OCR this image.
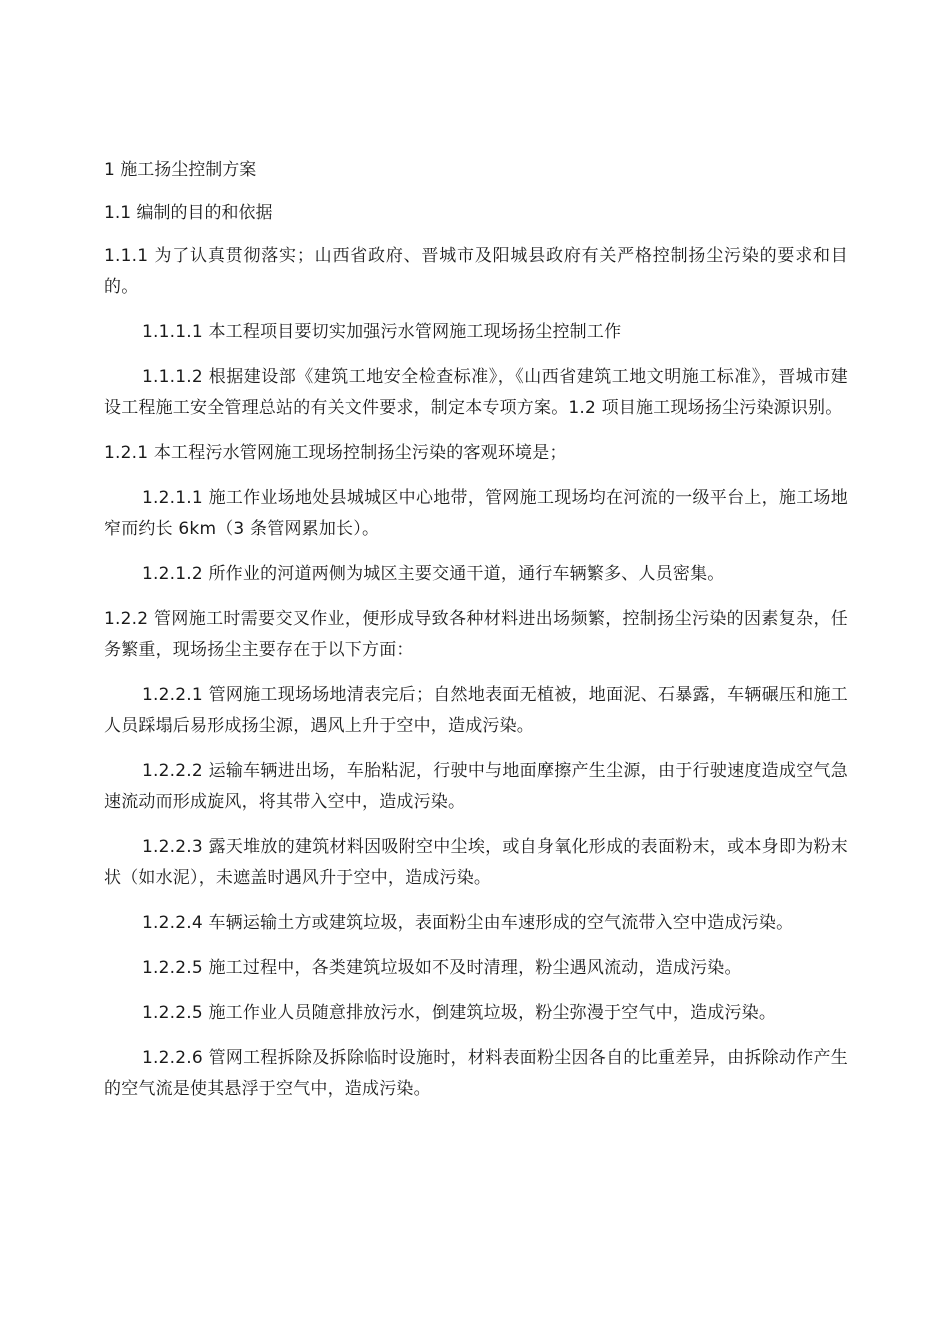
1 施工扬尘控制方案

1.1 编制的目的和依据

1.1.1 为了认真贯彻落实；山西省政府、晋城市及阳城县政府有关严格控制扬尘污染的要求和目的。

1.1.1.1 本工程项目要切实加强污水管网施工现场扬尘控制工作

1.1.1.2 根据建设部《建筑工地安全检查标准》，《山西省建筑工地文明施工标准》，晋城市建设工程施工安全管理总站的有关文件要求，制定本专项方案。1.2 项目施工现场扬尘污染源识别。

1.2.1 本工程污水管网施工现场控制扬尘污染的客观环境是；

1.2.1.1 施工作业场地处县城城区中心地带，管网施工现场均在河流的一级平台上，施工场地窄而约长 6km（3 条管网累加长）。

1.2.1.2 所作业的河道两侧为城区主要交通干道，通行车辆繁多、人员密集。

1.2.2 管网施工时需要交叉作业，便形成导致各种材料进出场频繁，控制扬尘污染的因素复杂，任务繁重，现场扬尘主要存在于以下方面：

1.2.2.1 管网施工现场场地清表完后；自然地表面无植被，地面泥、石暴露，车辆碾压和施工人员踩塌后易形成扬尘源，遇风上升于空中，造成污染。

1.2.2.2 运输车辆进出场，车胎粘泥，行驶中与地面摩擦产生尘源，由于行驶速度造成空气急速流动而形成旋风，将其带入空中，造成污染。

1.2.2.3 露天堆放的建筑材料因吸附空中尘埃，或自身氧化形成的表面粉末，或本身即为粉末状（如水泥），未遮盖时遇风升于空中，造成污染。

1.2.2.4 车辆运输土方或建筑垃圾，表面粉尘由车速形成的空气流带入空中造成污染。

1.2.2.5 施工过程中，各类建筑垃圾如不及时清理，粉尘遇风流动，造成污染。

1.2.2.5 施工作业人员随意排放污水，倒建筑垃圾，粉尘弥漫于空气中，造成污染。

1.2.2.6 管网工程拆除及拆除临时设施时，材料表面粉尘因各自的比重差异，由拆除动作产生的空气流是使其悬浮于空气中，造成污染。
